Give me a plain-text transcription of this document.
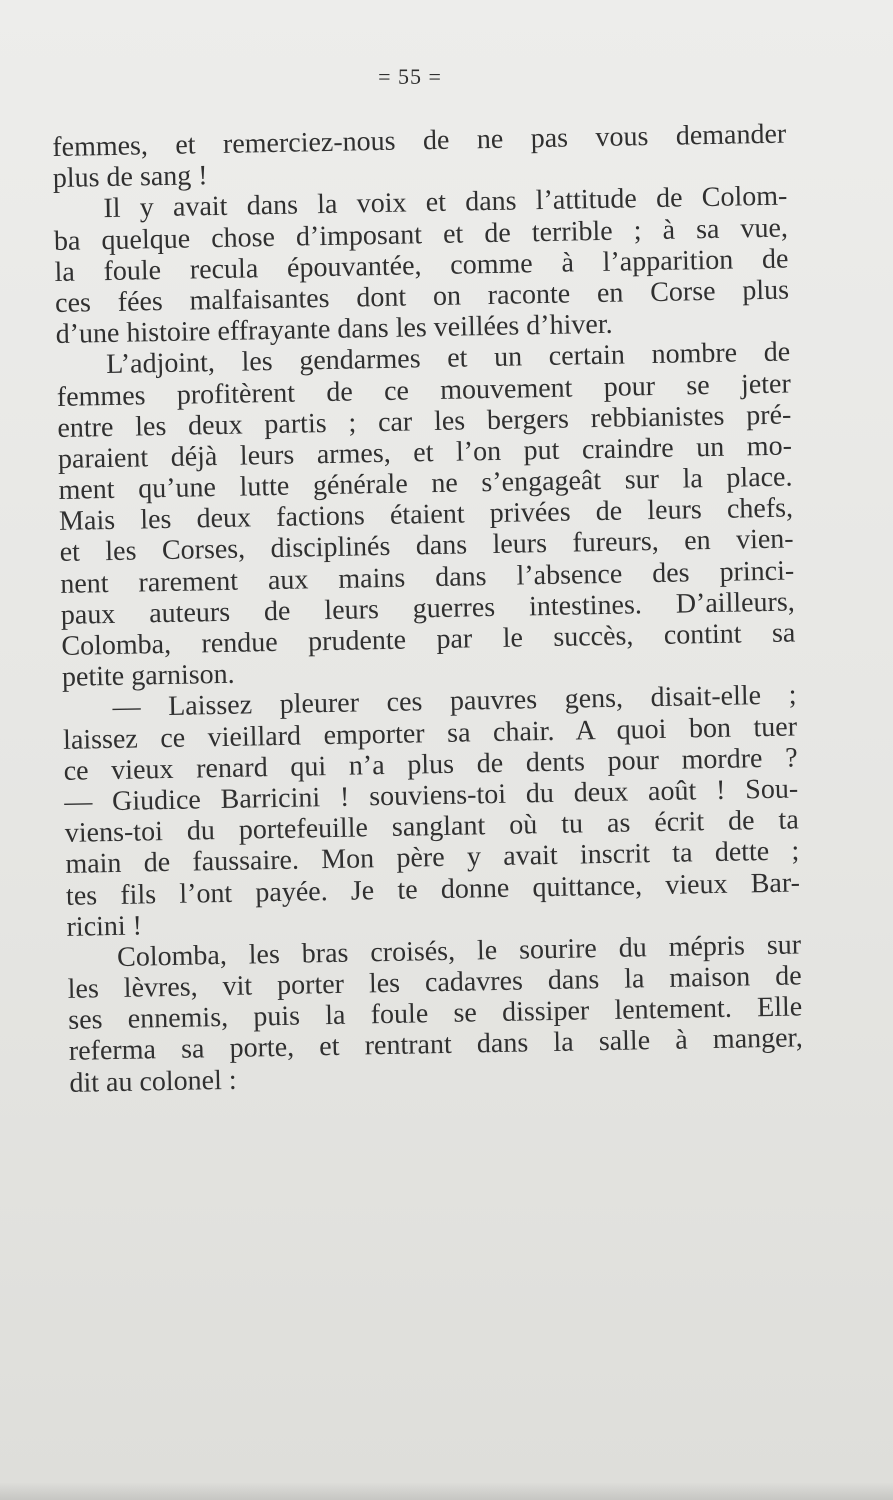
= 55 =
femmes, et remerciez-nous de ne pas vous demander
plus de sang !
Il y avait dans la voix et dans l’attitude de Colom-
ba quelque chose d’imposant et de terrible ; à sa vue,
la foule recula épouvantée, comme à l’apparition de
ces fées malfaisantes dont on raconte en Corse plus
d’une histoire effrayante dans les veillées d’hiver.
L’adjoint, les gendarmes et un certain nombre de
femmes profitèrent de ce mouvement pour se jeter
entre les deux partis ; car les bergers rebbianistes pré-
paraient déjà leurs armes, et l’on put craindre un mo-
ment qu’une lutte générale ne s’engageât sur la place.
Mais les deux factions étaient privées de leurs chefs,
et les Corses, disciplinés dans leurs fureurs, en vien-
nent rarement aux mains dans l’absence des princi-
paux auteurs de leurs guerres intestines. D’ailleurs,
Colomba, rendue prudente par le succès, contint sa
petite garnison.
— Laissez pleurer ces pauvres gens, disait-elle ;
laissez ce vieillard emporter sa chair. A quoi bon tuer
ce vieux renard qui n’a plus de dents pour mordre ?
— Giudice Barricini ! souviens-toi du deux août ! Sou-
viens-toi du portefeuille sanglant où tu as écrit de ta
main de faussaire. Mon père y avait inscrit ta dette ;
tes fils l’ont payée. Je te donne quittance, vieux Bar-
ricini !
Colomba, les bras croisés, le sourire du mépris sur
les lèvres, vit porter les cadavres dans la maison de
ses ennemis, puis la foule se dissiper lentement. Elle
referma sa porte, et rentrant dans la salle à manger,
dit au colonel :
